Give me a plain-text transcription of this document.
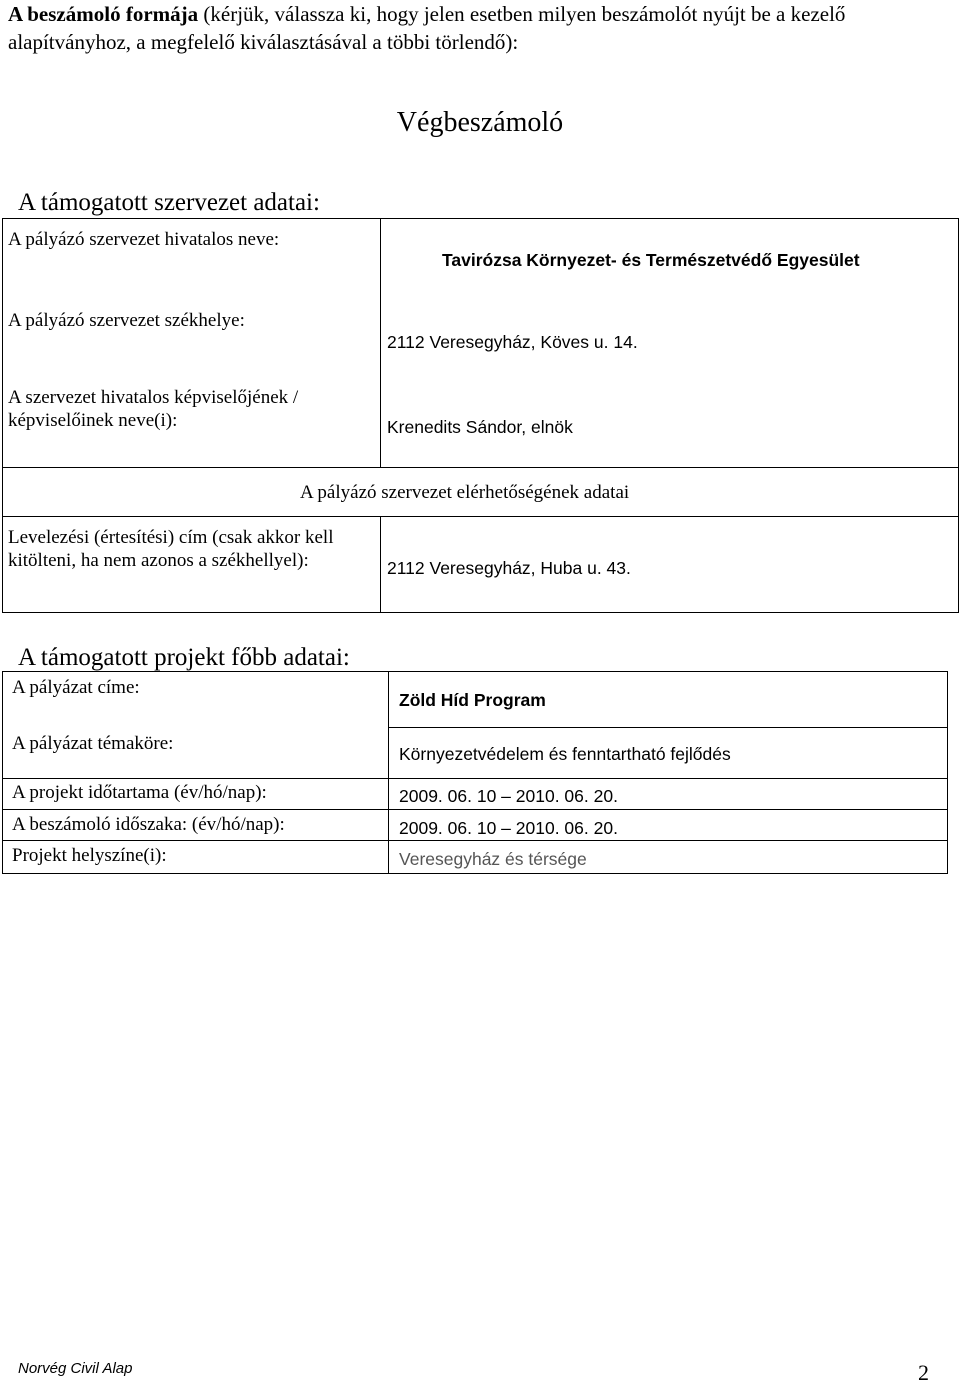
A beszámoló formája (kérjük, válassza ki, hogy jelen esetben milyen beszámolót nyújt be a kezelő alapítványhoz, a megfelelő kiválasztásával a többi törlendő):
Végbeszámoló
A támogatott szervezet adatai:
A pályázó szervezet hivatalos neve:
Tavirózsa Környezet- és Természetvédő Egyesület
A pályázó szervezet székhelye:
2112 Veresegyház, Köves u. 14.
A szervezet hivatalos képviselőjének /
képviselőinek neve(i):	Krenedits Sándor, elnök
A pályázó szervezet elérhetőségének adatai
Levelezési (értesítési) cím (csak akkor kell
kitölteni, ha nem azonos a székhellyel):	2112 Veresegyház, Huba u. 43.
A támogatott projekt főbb adatai:
A pályázat címe:
Zöld Híd Program
A pályázat témaköre:	Környezetvédelem és fenntartható fejlődés
A projekt időtartama (év/hó/nap):	2009. 06. 10 – 2010. 06. 20.
A beszámoló időszaka: (év/hó/nap):	2009. 06. 10 – 2010. 06. 20.
Projekt helyszíne(i):	Veresegyház és térsége
Norvég Civil Alap	2
